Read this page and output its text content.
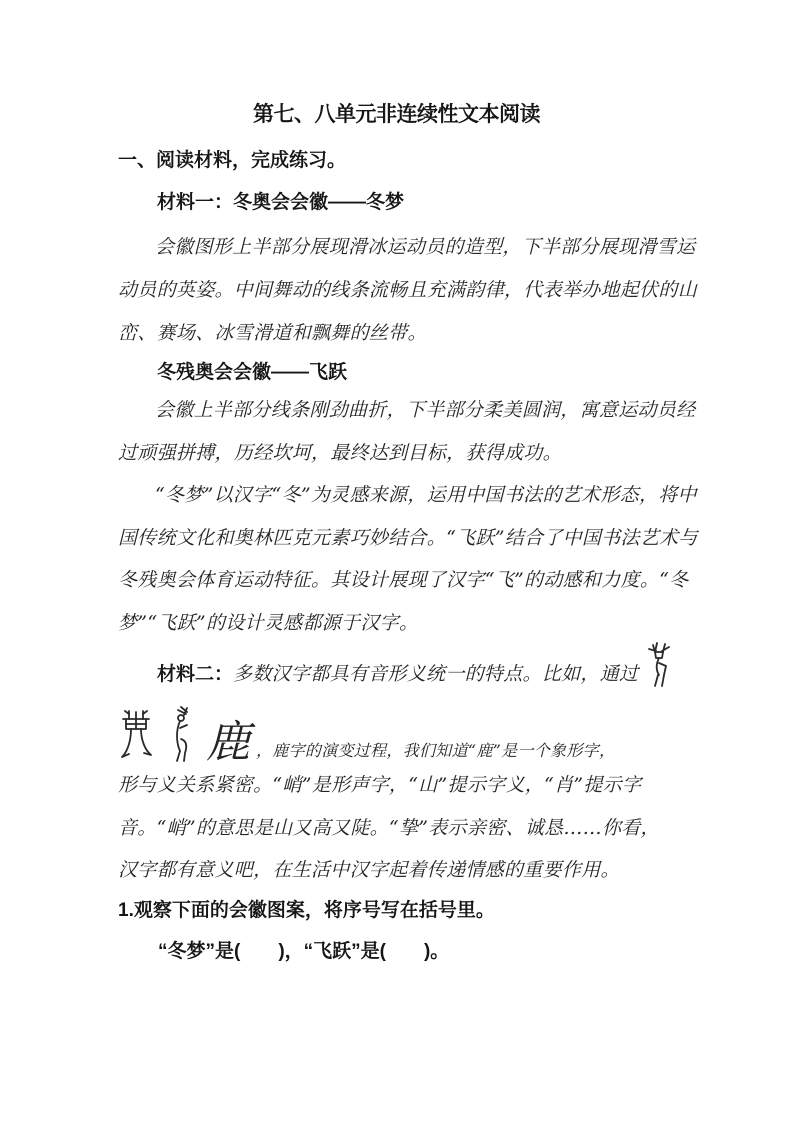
第七、八单元非连续性文本阅读
一、阅读材料，完成练习。
材料一：冬奥会会徽——冬梦
会徽图形上半部分展现滑冰运动员的造型，下半部分展现滑雪运
动员的英姿。中间舞动的线条流畅且充满韵律，代表举办地起伏的山
峦、赛场、冰雪滑道和飘舞的丝带。
冬残奥会会徽——飞跃
会徽上半部分线条刚劲曲折，下半部分柔美圆润，寓意运动员经
过顽强拼搏，历经坎坷，最终达到目标，获得成功。
“冬梦”以汉字“冬”为灵感来源，运用中国书法的艺术形态，将中
国传统文化和奥林匹克元素巧妙结合。“飞跃”结合了中国书法艺术与
冬残奥会体育运动特征。其设计展现了汉字“飞”的动感和力度。“冬
梦”“飞跃”的设计灵感都源于汉字。
材料二：多数汉字都具有音形义统一的特点。比如，通过
鹿 ，鹿字的演变过程，我们知道“鹿”是一个象形字，
形与义关系紧密。“峭”是形声字，“山”提示字义，“肖”提示字
音。“峭”的意思是山又高又陡。“挚”表示亲密、诚恳……你看，
汉字都有意义吧，在生活中汉字起着传递情感的重要作用。
1.观察下面的会徽图案，将序号写在括号里。
“冬梦”是(　　)，“飞跃”是(　　)。
